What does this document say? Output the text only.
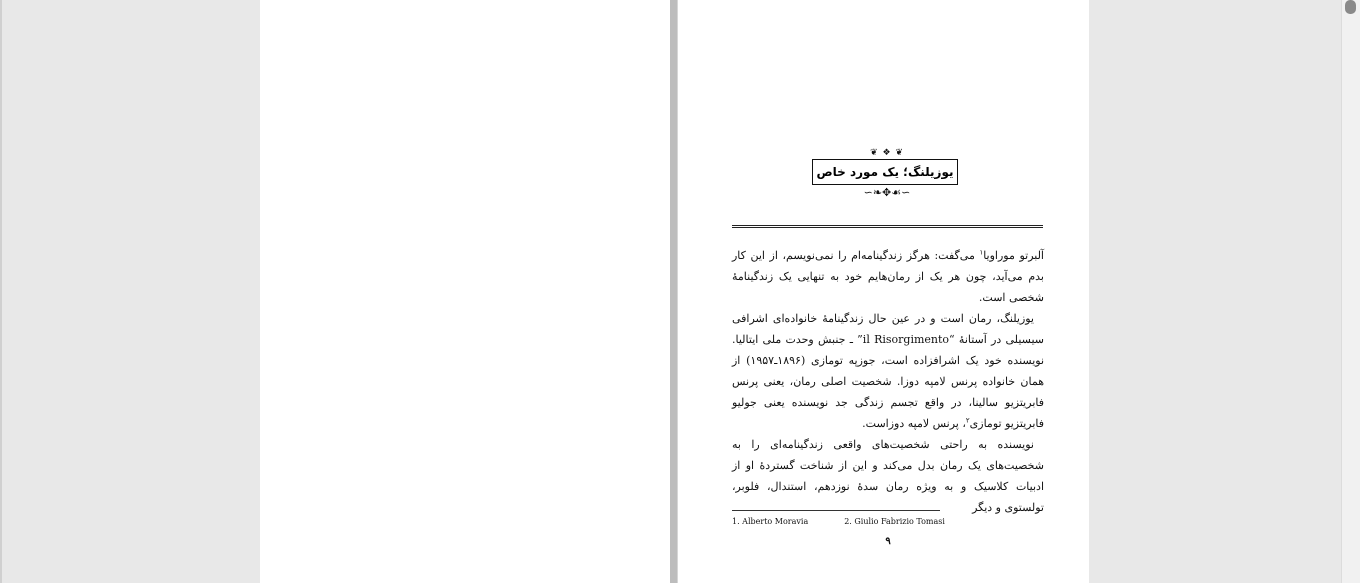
❦ ❖ ❦
یوزیلنگ؛ یک مورد خاص
∽❧✥☙∽

آلبرتو موراویا$^۱$ می‌گفت: هرگز زندگینامه‌ام را نمی‌نویسم، از این کار بدم می‌آید، چون هر یک از رمان‌هایم خود به تنهایی یک زندگینامهٔ شخصی است.

یوزیلنگ، رمان است و در عین حال زندگینامهٔ خانواده‌ای اشرافی سیسیلی در آستانهٔ “il Risorgimento” ـ جنبش وحدت ملی ایتالیا. نویسنده خود یک اشرافزاده است، جوزپه تومازی (۱۸۹۶ـ۱۹۵۷) از همان خانواده پرنس لامپه دوزا. شخصیت اصلی رمان، یعنی پرنس فابریتزیو سالینا، در واقع تجسم زندگی جد نویسنده یعنی جولیو فابریتزیو تومازی$^۲$، پرنس لامپه دوزاست.

نویسنده به راحتی شخصیت‌های واقعی زندگینامه‌ای را به شخصیت‌های یک رمان بدل می‌کند و این از شناخت گستردهٔ او از ادبیات کلاسیک و به ویژه رمان سدهٔ نوزدهم، استندال، فلوبر، تولستوی و دیگر

1. Alberto Moravia	2. Giulio Fabrizio Tomasi
۹
